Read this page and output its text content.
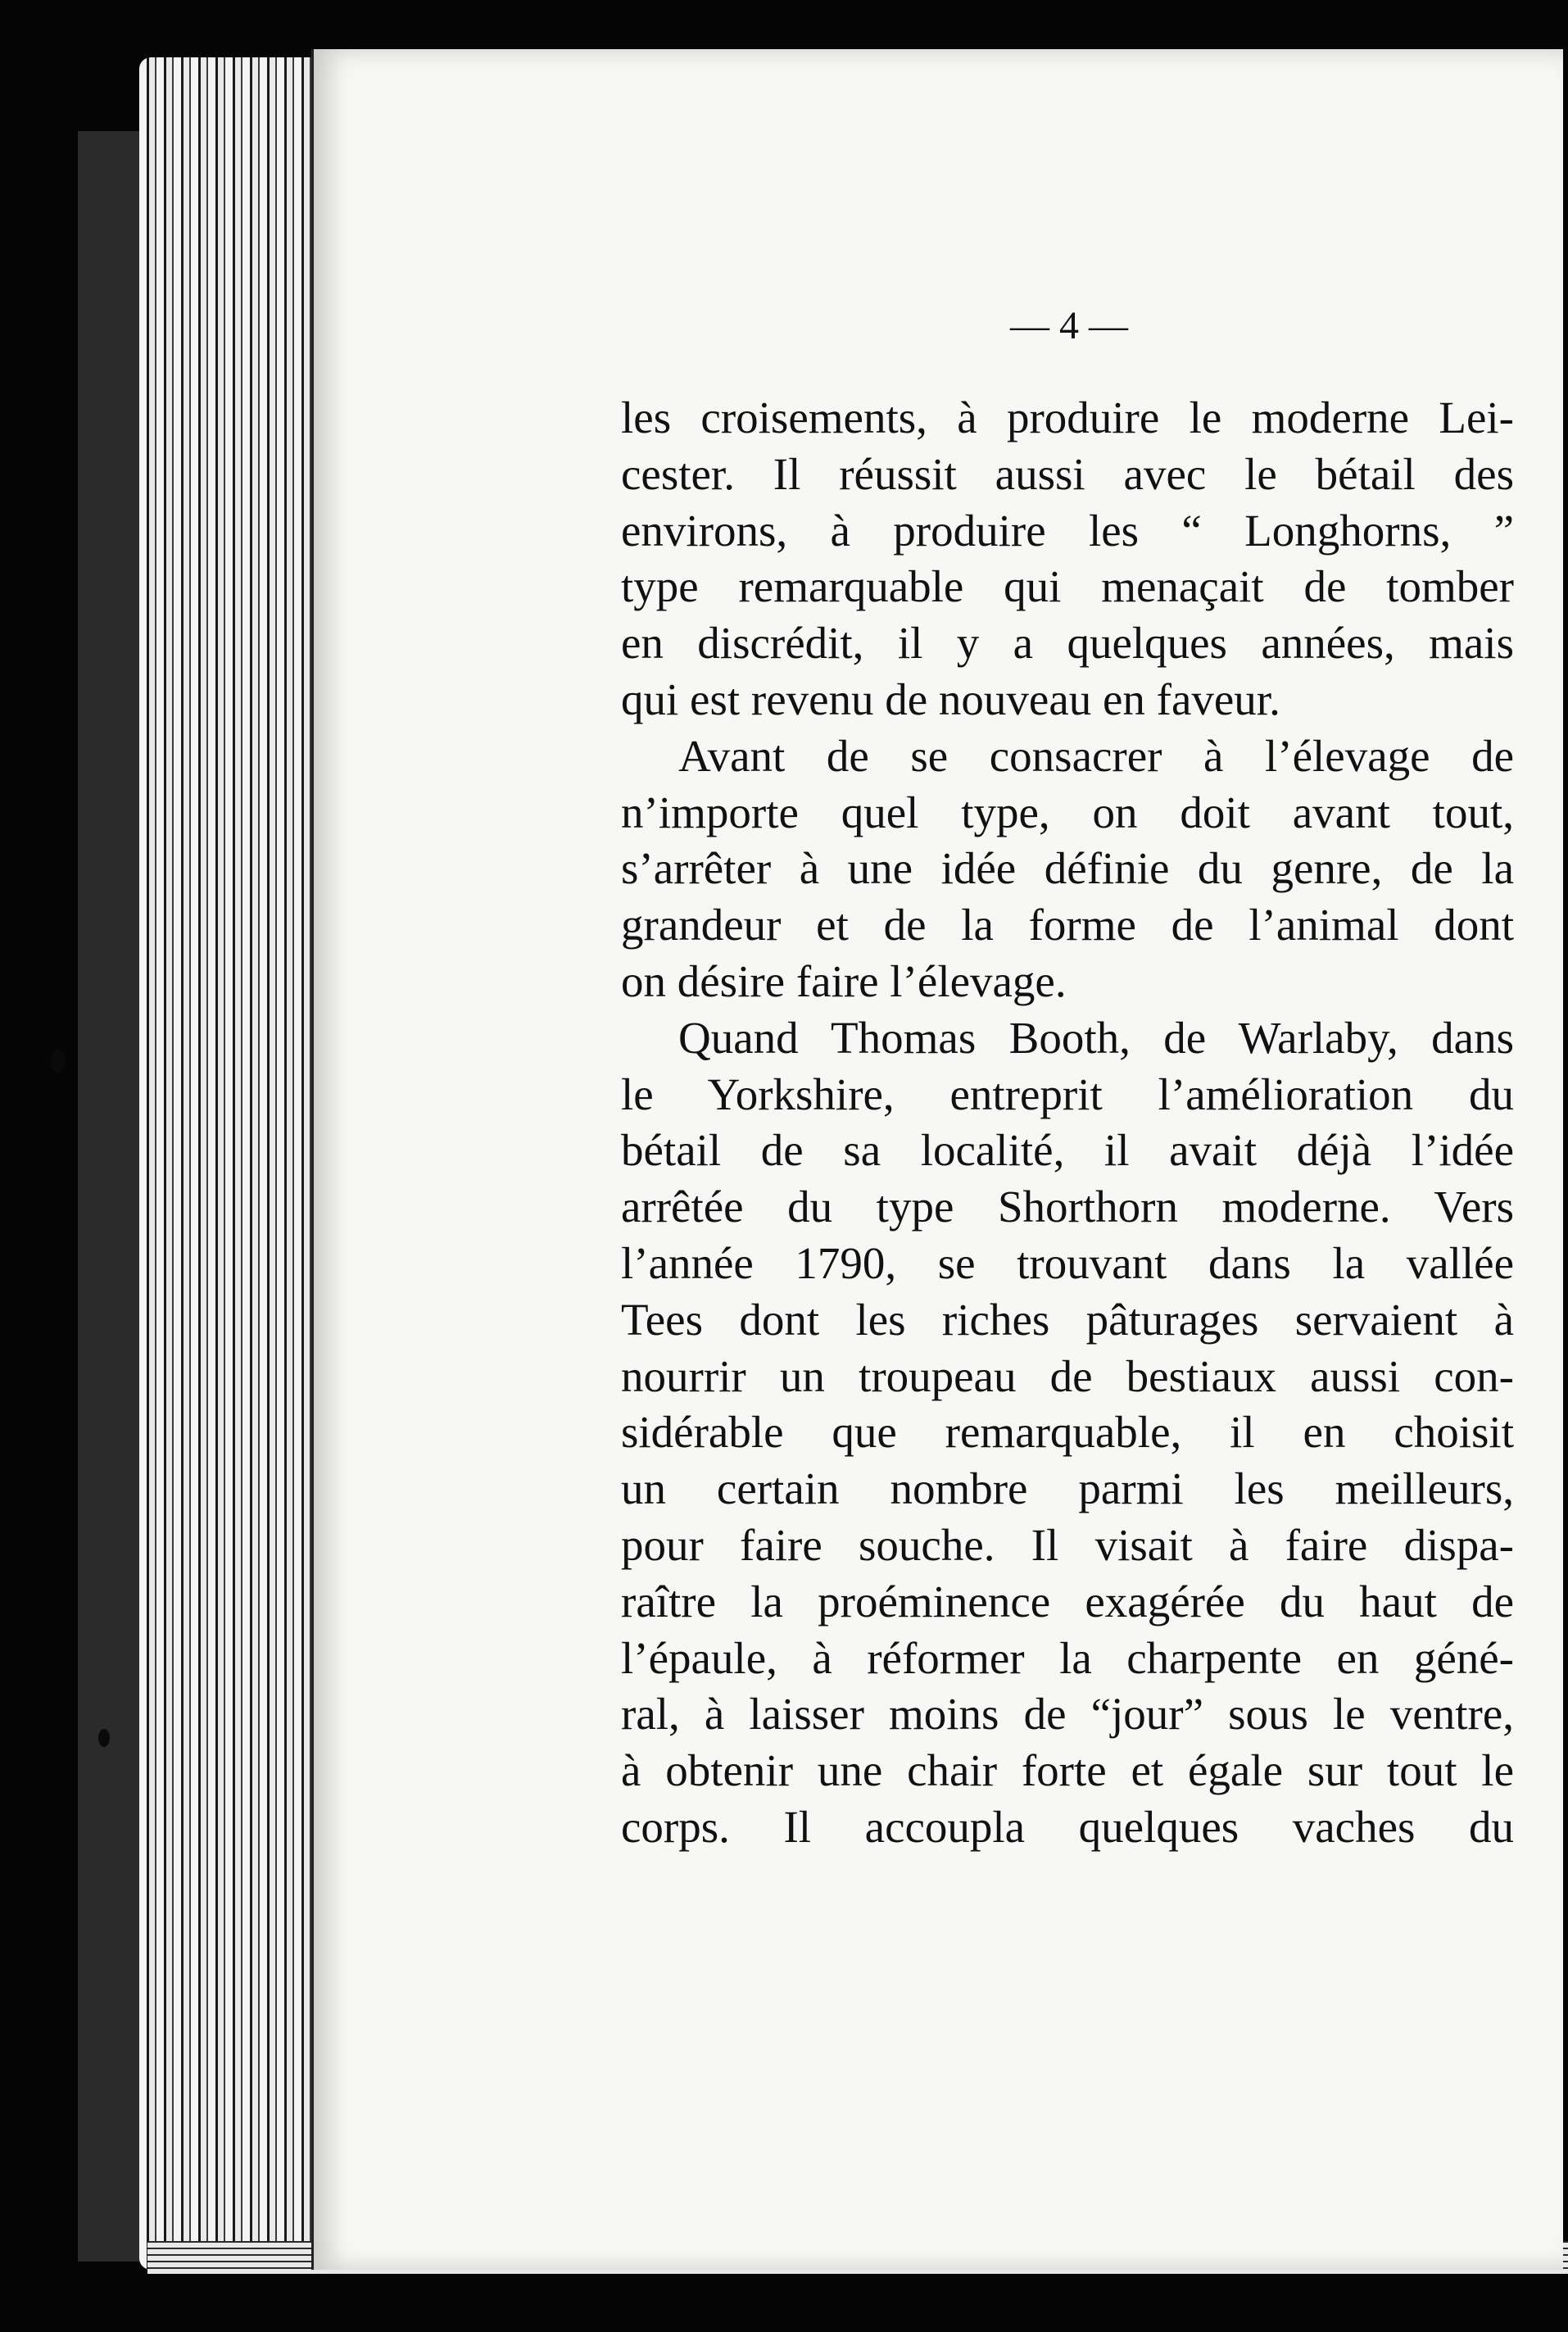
— 4 —

les croisements, à produire le moderne Lei-
cester. Il réussit aussi avec le bétail des
environs, à produire les “ Longhorns, ”
type remarquable qui menaçait de tomber
en discrédit, il y a quelques années, mais
qui est revenu de nouveau en faveur.
Avant de se consacrer à l’élevage de
n’importe quel type, on doit avant tout,
s’arrêter à une idée définie du genre, de la
grandeur et de la forme de l’animal dont
on désire faire l’élevage.
Quand Thomas Booth, de Warlaby, dans
le Yorkshire, entreprit l’amélioration du
bétail de sa localité, il avait déjà l’idée
arrêtée du type Shorthorn moderne. Vers
l’année 1790, se trouvant dans la vallée
Tees dont les riches pâturages servaient à
nourrir un troupeau de bestiaux aussi con-
sidérable que remarquable, il en choisit
un certain nombre parmi les meilleurs,
pour faire souche. Il visait à faire dispa-
raître la proéminence exagérée du haut de
l’épaule, à réformer la charpente en géné-
ral, à laisser moins de “jour” sous le ventre,
à obtenir une chair forte et égale sur tout le
corps. Il accoupla quelques vaches du
